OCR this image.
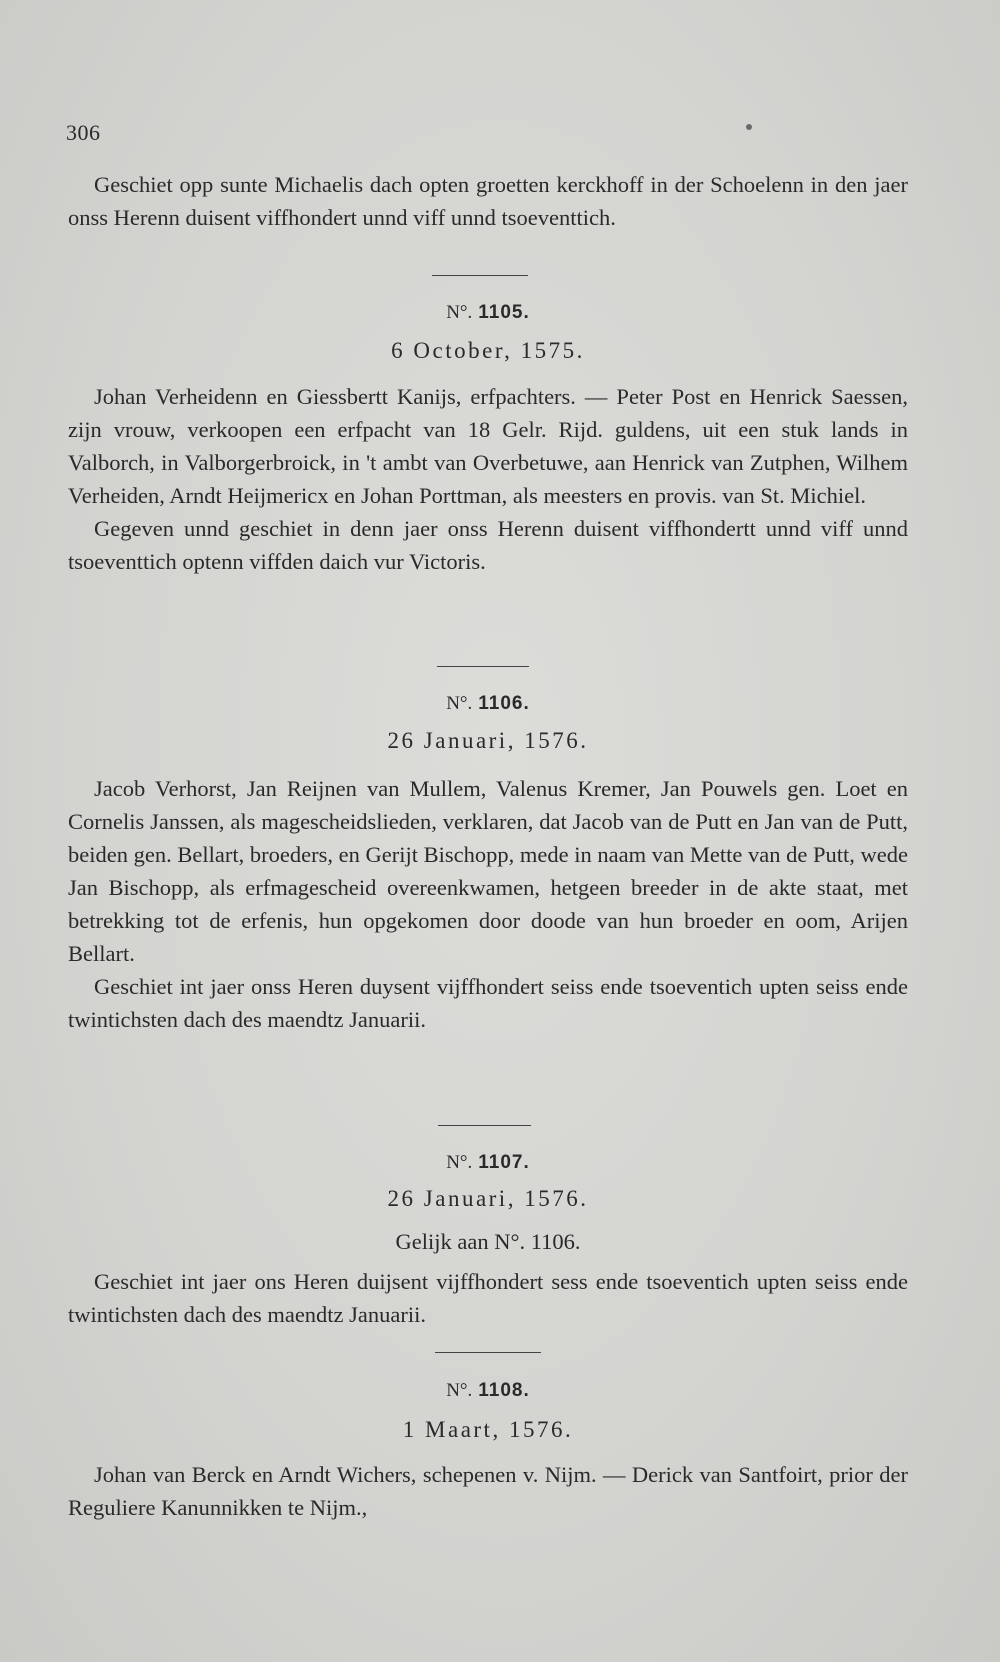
306

Geschiet opp sunte Michaelis dach opten groetten kerckhoff in der Schoelenn in den jaer onss Herenn duisent viffhondert unnd viff unnd tsoeventtich.

N°. 1105.
6 October, 1575.

Johan Verheidenn en Giessbertt Kanijs, erfpachters. — Peter Post en Henrick Saessen, zijn vrouw, verkoopen een erfpacht van 18 Gelr. Rijd. guldens, uit een stuk lands in Valborch, in Valborgerbroick, in 't ambt van Overbetuwe, aan Henrick van Zutphen, Wilhem Verheiden, Arndt Heijmericx en Johan Porttman, als meesters en provis. van St. Michiel.

Gegeven unnd geschiet in denn jaer onss Herenn duisent viffhondertt unnd viff unnd tsoeventtich optenn viffden daich vur Victoris.

N°. 1106.
26 Januari, 1576.

Jacob Verhorst, Jan Reijnen van Mullem, Valenus Kremer, Jan Pouwels gen. Loet en Cornelis Janssen, als magescheidslieden, verklaren, dat Jacob van de Putt en Jan van de Putt, beiden gen. Bellart, broeders, en Gerijt Bischopp, mede in naam van Mette van de Putt, wede Jan Bischopp, als erfmagescheid overeenkwamen, hetgeen breeder in de akte staat, met betrekking tot de erfenis, hun opgekomen door doode van hun broeder en oom, Arijen Bellart.

Geschiet int jaer onss Heren duysent vijffhondert seiss ende tsoeventich upten seiss ende twintichsten dach des maendtz Januarii.

N°. 1107.
26 Januari, 1576.
Gelijk aan N°. 1106.

Geschiet int jaer ons Heren duijsent vijffhondert sess ende tsoeventich upten seiss ende twintichsten dach des maendtz Januarii.

N°. 1108.
1 Maart, 1576.

Johan van Berck en Arndt Wichers, schepenen v. Nijm. — Derick van Santfoirt, prior der Reguliere Kanunnikken te Nijm.,
